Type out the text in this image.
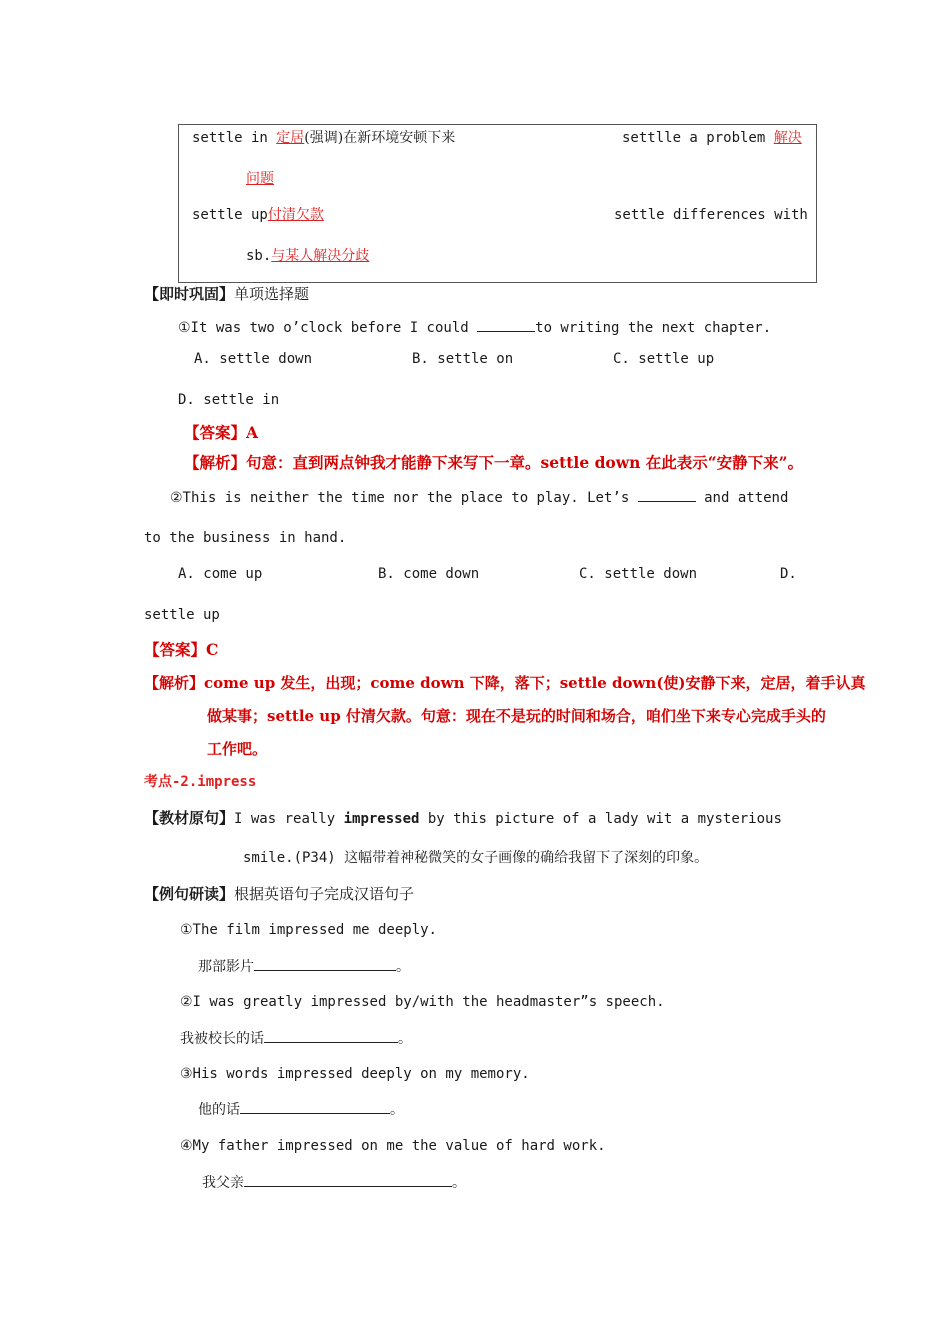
settle in 定居(强调)在新环境安顿下来	settlle a problem 解决
问题
settle up付清欠款	settle differences with
sb.与某人解决分歧
【即时巩固】单项选择题
①It was two o’clock before I could	to writing the next chapter.
A. settle down	B. settle on	C. settle up
D. settle in
【答案】A
【解析】句意：直到两点钟我才能静下来写下一章。settle down 在此表示“安静下来”。
②This is neither the time nor the place to play. Let’s	and attend
to the business in hand.
A. come up	B. come down	C. settle down	D.
settle up
【答案】C
【解析】come up 发生，出现；come down 下降，落下；settle down(使)安静下来，定居，着手认真
做某事；settle up 付清欠款。句意：现在不是玩的时间和场合，咱们坐下来专心完成手头的
工作吧。
考点-2.impress
【教材原句】I was really impressed by this picture of a lady wit a mysterious
smile.(P34) 这幅带着神秘微笑的女子画像的确给我留下了深刻的印象。
【例句研读】根据英语句子完成汉语句子
①The film impressed me deeply.
那部影片	。
②I was greatly impressed by/with the headmaster”s speech.
我被校长的话	。
③His words impressed deeply on my memory.
他的话	。
④My father impressed on me the value of hard work.
我父亲	。
